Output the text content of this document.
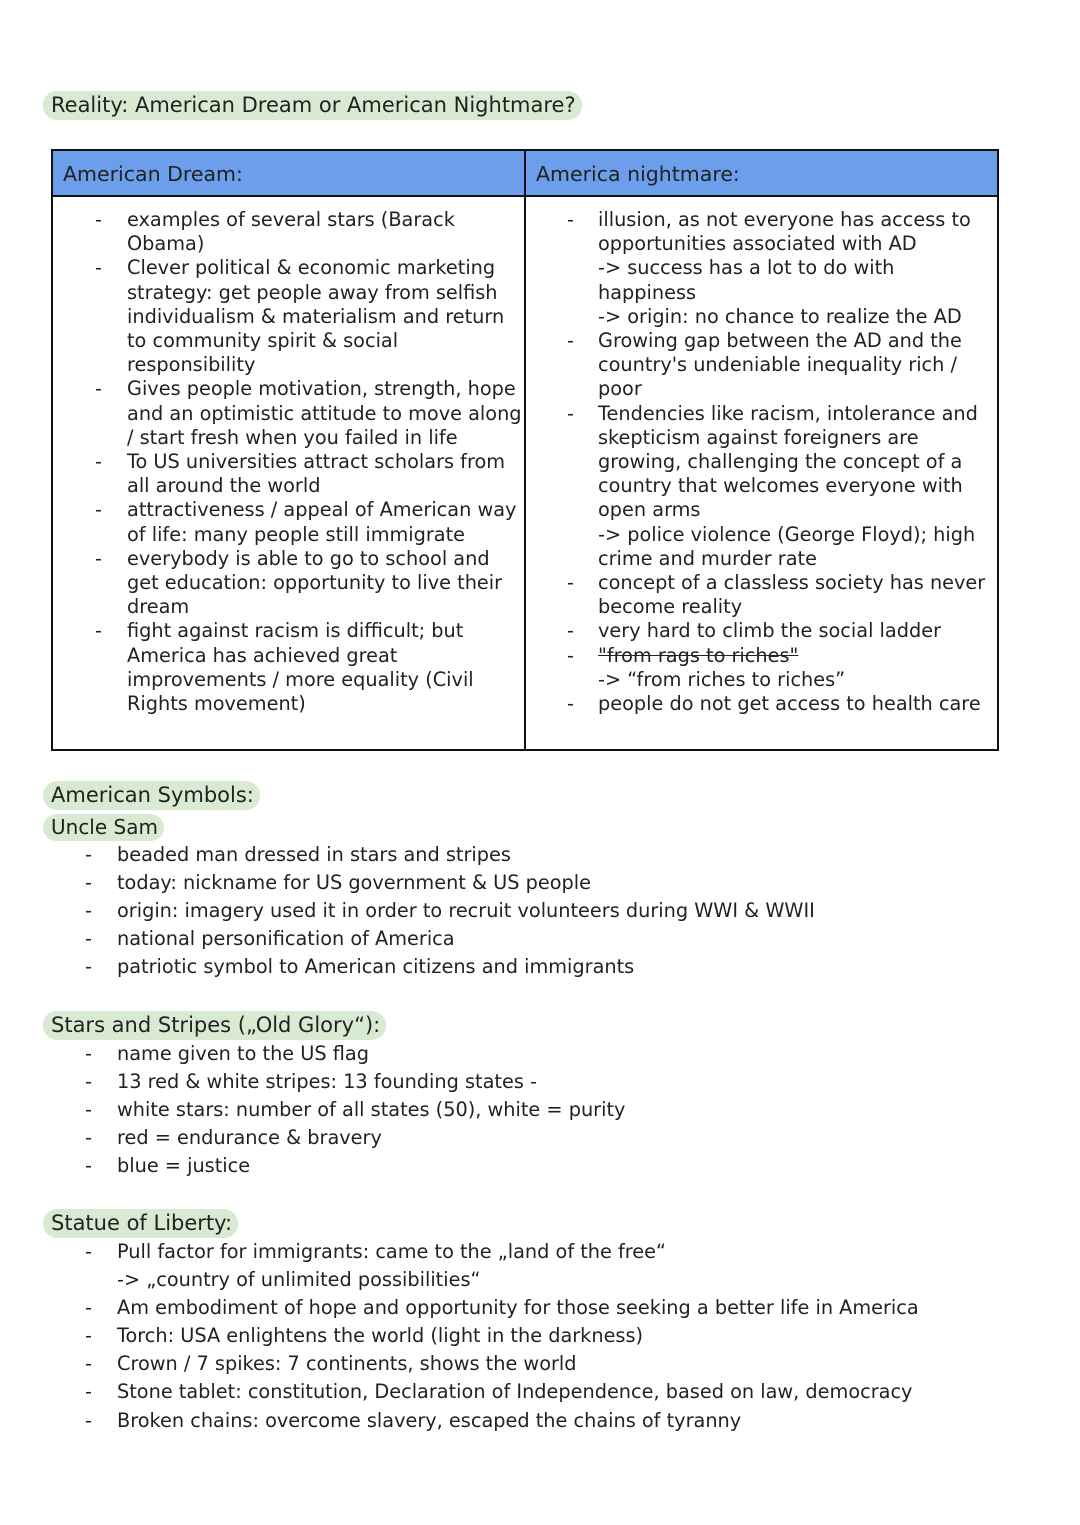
Reality: American Dream or American Nightmare?
American Dream:	America nightmare:
- examples of several stars (Barack Obama)
- Clever political & economic marketing strategy: get people away from selfish individualism & materialism and return to community spirit & social responsibility
- Gives people motivation, strength, hope and an optimistic attitude to move along / start fresh when you failed in life
- To US universities attract scholars from all around the world
- attractiveness / appeal of American way of life: many people still immigrate
- everybody is able to go to school and get education: opportunity to live their dream
- fight against racism is difficult; but America has achieved great improvements / more equality (Civil Rights movement)
- illusion, as not everyone has access to opportunities associated with AD
-> success has a lot to do with happiness
-> origin: no chance to realize the AD
- Growing gap between the AD and the country's undeniable inequality rich / poor
- Tendencies like racism, intolerance and skepticism against foreigners are growing, challenging the concept of a country that welcomes everyone with open arms
-> police violence (George Floyd); high crime and murder rate
- concept of a classless society has never become reality
- very hard to climb the social ladder
- "from rags to riches"
-> “from riches to riches”
- people do not get access to health care
American Symbols:
Uncle Sam
- beaded man dressed in stars and stripes
- today: nickname for US government & US people
- origin: imagery used it in order to recruit volunteers during WWI & WWII
- national personification of America
- patriotic symbol to American citizens and immigrants
Stars and Stripes („Old Glory“):
- name given to the US flag
- 13 red & white stripes: 13 founding states -
- white stars: number of all states (50), white = purity
- red = endurance & bravery
- blue = justice
Statue of Liberty:
- Pull factor for immigrants: came to the „land of the free“
-> „country of unlimited possibilities“
- Am embodiment of hope and opportunity for those seeking a better life in America
- Torch: USA enlightens the world (light in the darkness)
- Crown / 7 spikes: 7 continents, shows the world
- Stone tablet: constitution, Declaration of Independence, based on law, democracy
- Broken chains: overcome slavery, escaped the chains of tyranny
